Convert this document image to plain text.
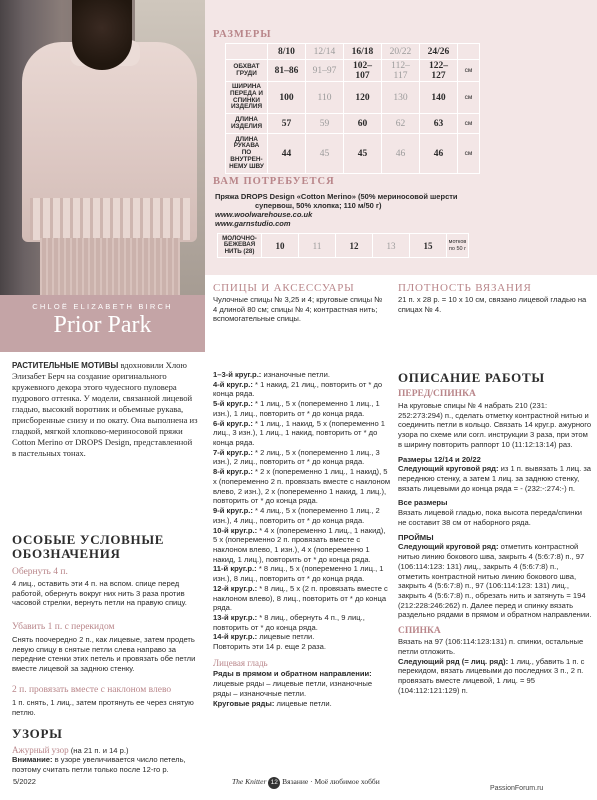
CHLOË ELIZABETH BIRCH
Prior Park
РАЗМЕРЫ
	8/10	12/14	16/18	20/22	24/26	
ОБХВАТ ГРУДИ	81–86	91–97	102–107	112–117	122–127	см
ШИРИНА ПЕРЕДА И СПИНКИ ИЗДЕЛИЯ	100	110	120	130	140	см
ДЛИНА ИЗДЕЛИЯ	57	59	60	62	63	см
ДЛИНА РУКАВА ПО ВНУТРЕН-НЕМУ ШВУ	44	45	45	46	46	см
ВАМ ПОТРЕБУЕТСЯ
Пряжа DROPS Design «Cotton Merino» (50% мериносовой шерсти
супервош, 50% хлопка; 110 м/50 г)
www.woolwarehouse.co.uk
www.garnstudio.com
МОЛОЧНО-БЕЖЕВАЯ НИТЬ (28)	10	11	12	13	15	мотков по 50 г
СПИЦЫ И АКСЕССУАРЫ
Чулочные спицы № 3,25 и 4; круговые спицы № 4 длиной 80 см; спицы № 4; контрастная нить; вспомогательные спицы.
ПЛОТНОСТЬ ВЯЗАНИЯ
21 п. х 28 р. = 10 х 10 см, связано лицевой гладью на спицах № 4.
РАСТИТЕЛЬНЫЕ МОТИВЫ вдохновили Хлою Элизабет Берч на создание оригинального кружевного декора этого чудесного пуловера пудрового оттенка. У модели, связанной лицевой гладью, высокий воротник и объемные рукава, присборенные снизу и по окату. Она выполнена из гладкой, мягкой хлопково-мериносовой пряжи Cotton Merino от DROPS Design, представленной в пастельных тонах.
ОСОБЫЕ УСЛОВНЫЕ
ОБОЗНАЧЕНИЯ
Обернуть 4 п.
4 лиц., оставить эти 4 п. на вспом. спице перед работой, обернуть вокруг них нить 3 раза против часовой стрелки, вернуть петли на правую спицу.
Убавить 1 п. с перекидом
Снять поочередно 2 п., как лицевые, затем продеть левую спицу в снятые петли слева направо за передние стенки этих петель и провязать обе петли вместе лицевой за заднюю стенку.
2 п. провязать вместе с наклоном влево
1 п. снять, 1 лиц., затем протянуть ее через снятую петлю.
УЗОРЫ
Ажурный узор (на 21 п. и 14 р.)
Внимание: в узоре увеличивается число петель, поэтому считать петли только после 12-го р.

1–3-й круг.р.: изнаночные петли.

4-й круг.р.: * 1 накид, 21 лиц., повторить от * до конца ряда.

5-й круг.р.: * 1 лиц., 5 х (попеременно 1 лиц., 1 изн.), 1 лиц., повторить от * до конца ряда.

6-й круг.р.: * 1 лиц., 1 накид, 5 х (попеременно 1 лиц., 3 изн.), 1 лиц., 1 накид, повторить от * до конца ряда.

7-й круг.р.: * 2 лиц., 5 х (попеременно 1 лиц., 3 изн.), 2 лиц., повторить от * до конца ряда.

8-й круг.р.: * 2 х (попеременно 1 лиц., 1 накид), 5 х (попеременно 2 п. провязать вместе с наклоном влево, 2 изн.), 2 х (попеременно 1 накид, 1 лиц.), повторить от * до конца ряда.

9-й круг.р.: * 4 лиц., 5 х (попеременно 1 лиц., 2 изн.), 4 лиц., повторить от * до конца ряда.

10-й круг.р.: * 4 х (попеременно 1 лиц., 1 накид), 5 х (попеременно 2 п. провязать вместе с наклоном влево, 1 изн.), 4 х (попеременно 1 накид, 1 лиц.), повторить от * до конца ряда.

11-й круг.р.: * 8 лиц., 5 х (попеременно 1 лиц., 1 изн.), 8 лиц., повторить от * до конца ряда.

12-й круг.р.: * 8 лиц., 5 х (2 п. провязать вместе с наклоном влево), 8 лиц., повторить от * до конца ряда.

13-й круг.р.: * 8 лиц., обернуть 4 п., 9 лиц., повторить от * до конца ряда.

14-й круг.р.: лицевые петли.

Повторить эти 14 р. еще 2 раза.

Лицевая гладь

Ряды в прямом и обратном направлении: лицевые ряды – лицевые петли, изнаночные ряды – изнаночные петли.

Круговые ряды: лицевые петли.

ОПИСАНИЕ РАБОТЫ
ПЕРЕД/СПИНКА

На круговые спицы № 4 набрать 210 (231: 252:273:294) п., сделать отметку контрастной нитью и соединить петли в кольцо. Связать 14 круг.р. ажурного узора по схеме или согл. инструкции 3 раза, при этом в ширину повторить раппорт 10 (11:12:13:14) раз.

Размеры 12/14 и 20/22

Следующий круговой ряд: из 1 п. вывязать 1 лиц. за переднюю стенку, а затем 1 лиц. за заднюю стенку, вязать лицевыми до конца ряда = - (232:-:274:-) п.

Все размеры

Вязать лицевой гладью, пока высота переда/спинки не составит 38 см от наборного ряда.

ПРОЙМЫ

Следующий круговой ряд: отметить контрастной нитью линию бокового шва, закрыть 4 (5:6:7:8) п., 97 (106:114:123: 131) лиц., закрыть 4 (5:6:7:8) п., отметить контрастной нитью линию бокового шва, закрыть 4 (5:6:7:8) п., 97 (106:114:123: 131) лиц., закрыть 4 (5:6:7:8) п., обрезать нить и затянуть = 194 (212:228:246:262) п. Далее перед и спинку вязать раздельно рядами в прямом и обратном направлении.

СПИНКА

Вязать на 97 (106:114:123:131) п. спинки, остальные петли отложить.

Следующий ряд (= лиц. ряд): 1 лиц., убавить 1 п. с перекидом, вязать лицевыми до последних 3 п., 2 п. провязать вместе лицевой, 1 лиц. = 95 (104:112:121:129) п.

5/2022	The Knitter 12 Вязание · Моё любимое хобби
PassionForum.ru
